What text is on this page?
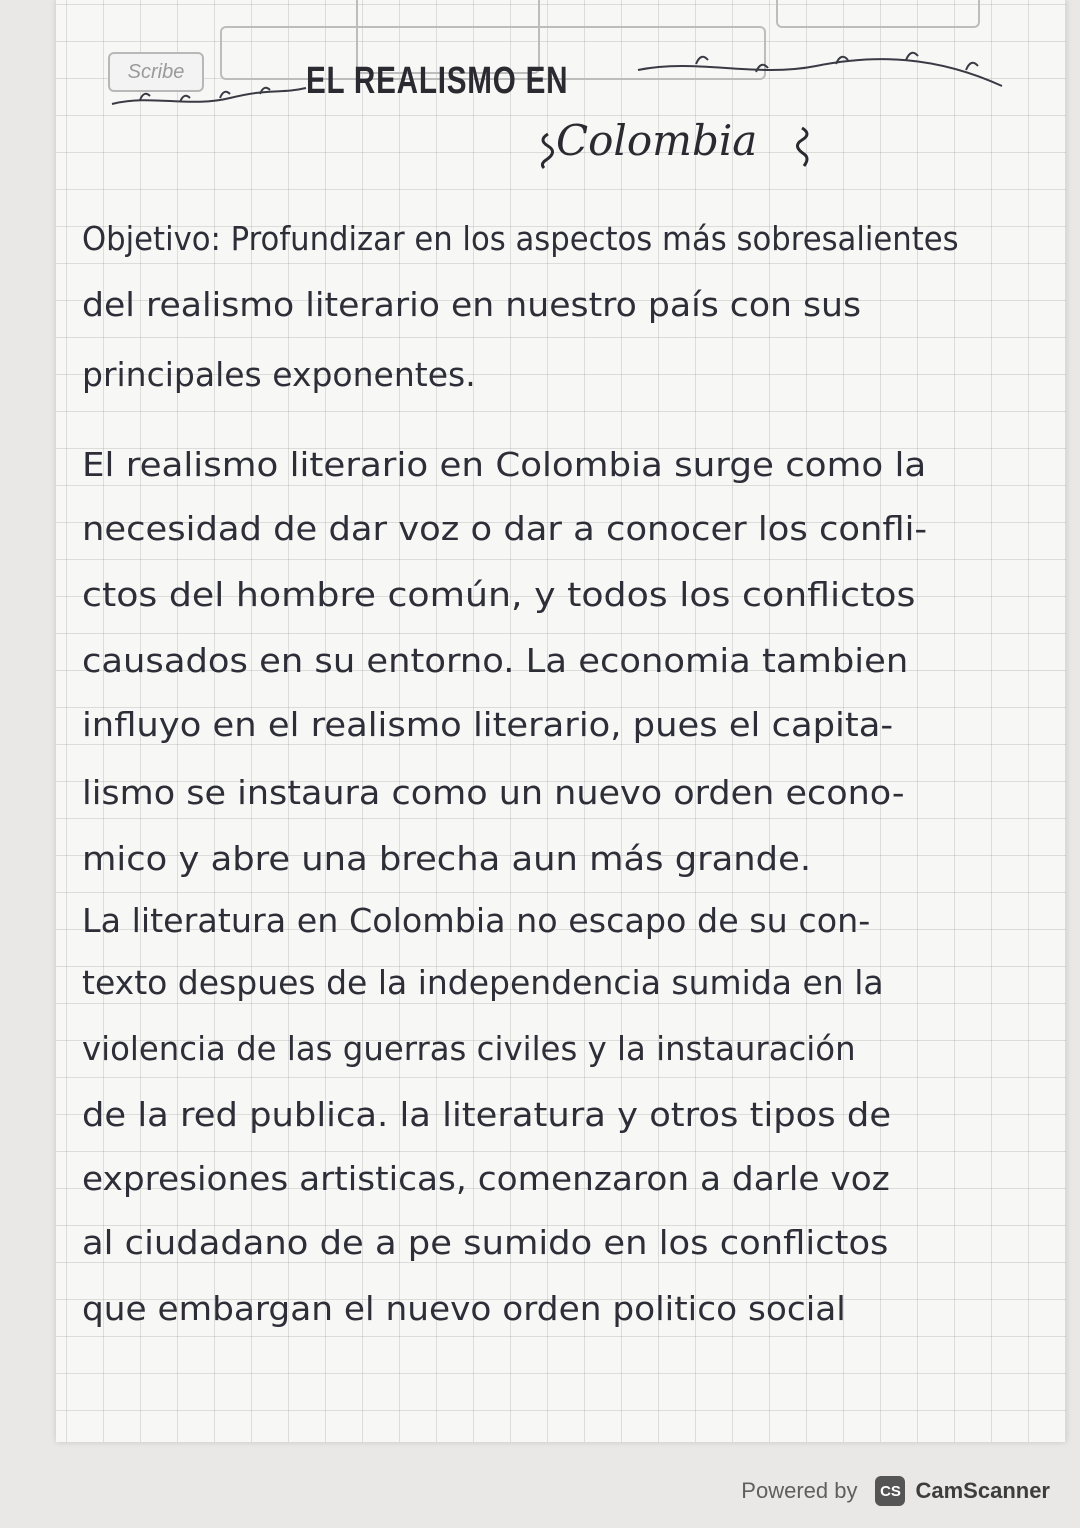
Scribe	EL REALISMO EN
Colombia
Objetivo: Profundizar en los aspectos más sobresalientes
del realismo literario en nuestro país con sus
principales exponentes.
El realismo literario en Colombia surge como la
necesidad de dar voz o dar a conocer los confli-
ctos del hombre común, y todos los conflictos
causados en su entorno. La economia tambien
influyo en el realismo literario, pues el capita-
lismo se instaura como un nuevo orden econo-
mico y abre una brecha aun más grande.
La literatura en Colombia no escapo de su con-
texto despues de la independencia sumida en la
violencia de las guerras civiles y la instauración
de la red publica. la literatura y otros tipos de
expresiones artisticas, comenzaron a darle voz
al ciudadano de a pe sumido en los conflictos
que embargan el nuevo orden politico social
Powered by	CS CamScanner
